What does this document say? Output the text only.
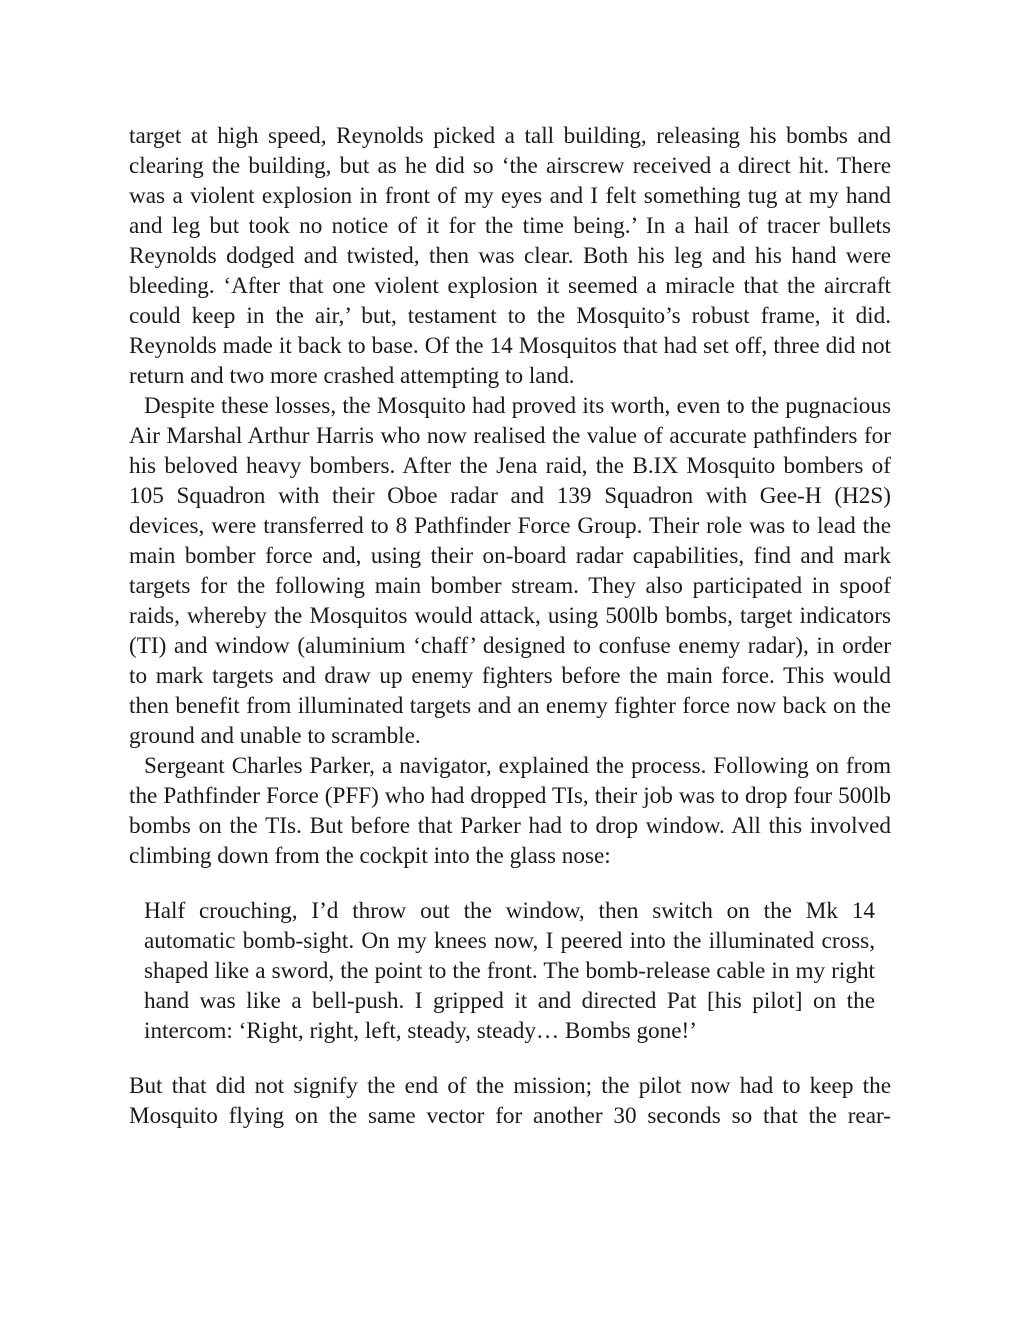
target at high speed, Reynolds picked a tall building, releasing his bombs and clearing the building, but as he did so ‘the airscrew received a direct hit. There was a violent explosion in front of my eyes and I felt something tug at my hand and leg but took no notice of it for the time being.’ In a hail of tracer bullets Reynolds dodged and twisted, then was clear. Both his leg and his hand were bleeding. ‘After that one violent explosion it seemed a miracle that the aircraft could keep in the air,’ but, testament to the Mosquito’s robust frame, it did. Reynolds made it back to base. Of the 14 Mosquitos that had set off, three did not return and two more crashed attempting to land.

Despite these losses, the Mosquito had proved its worth, even to the pugnacious Air Marshal Arthur Harris who now realised the value of accurate pathfinders for his beloved heavy bombers. After the Jena raid, the B.IX Mosquito bombers of 105 Squadron with their Oboe radar and 139 Squadron with Gee-H (H2S) devices, were transferred to 8 Pathfinder Force Group. Their role was to lead the main bomber force and, using their on-board radar capabilities, find and mark targets for the following main bomber stream. They also participated in spoof raids, whereby the Mosquitos would attack, using 500lb bombs, target indicators (TI) and window (aluminium ‘chaff’ designed to confuse enemy radar), in order to mark targets and draw up enemy fighters before the main force. This would then benefit from illuminated targets and an enemy fighter force now back on the ground and unable to scramble.

Sergeant Charles Parker, a navigator, explained the process. Following on from the Pathfinder Force (PFF) who had dropped TIs, their job was to drop four 500lb bombs on the TIs. But before that Parker had to drop window. All this involved climbing down from the cockpit into the glass nose:

Half crouching, I’d throw out the window, then switch on the Mk 14 automatic bomb-sight. On my knees now, I peered into the illuminated cross, shaped like a sword, the point to the front. The bomb-release cable in my right hand was like a bell-push. I gripped it and directed Pat [his pilot] on the intercom: ‘Right, right, left, steady, steady… Bombs gone!’

But that did not signify the end of the mission; the pilot now had to keep the Mosquito flying on the same vector for another 30 seconds so that the rear-
